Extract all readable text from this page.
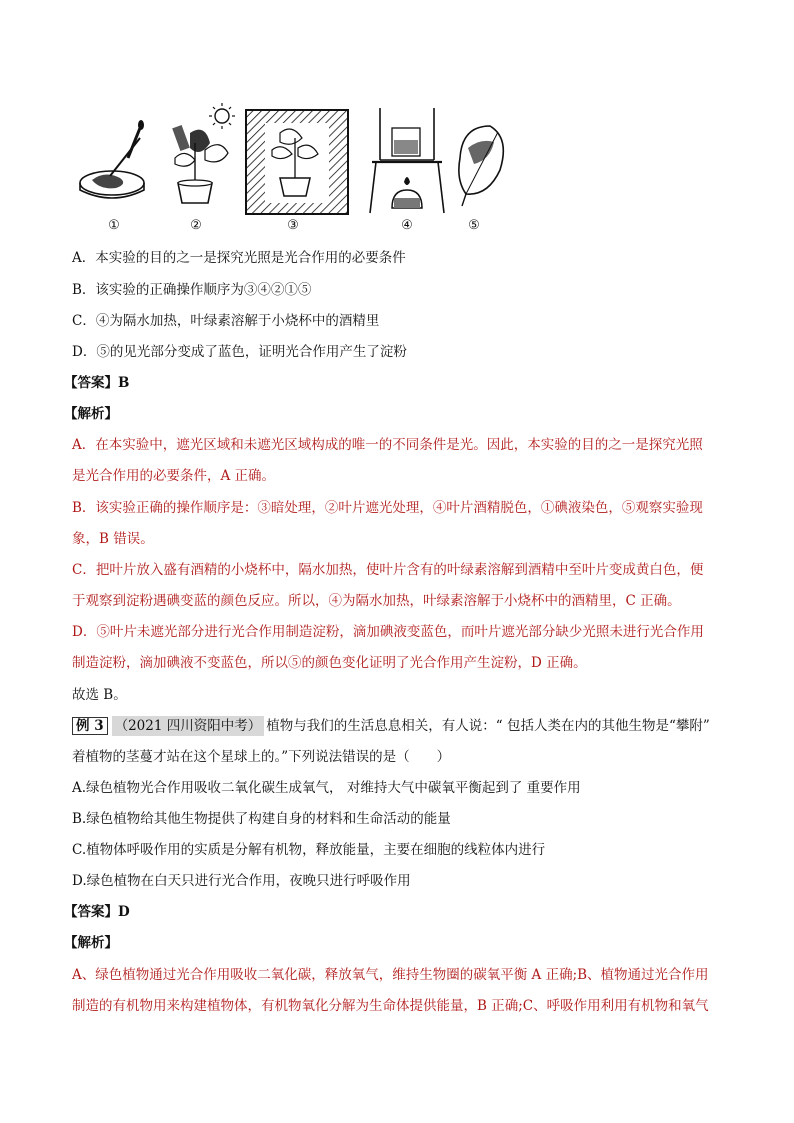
①	②	③	④	⑤
A．本实验的目的之一是探究光照是光合作用的必要条件
B．该实验的正确操作顺序为③④②①⑤
C．④为隔水加热，叶绿素溶解于小烧杯中的酒精里
D．⑤的见光部分变成了蓝色，证明光合作用产生了淀粉
【答案】B
【解析】
A．在本实验中，遮光区域和未遮光区域构成的唯一的不同条件是光。因此，本实验的目的之一是探究光照
是光合作用的必要条件，A 正确。
B．该实验正确的操作顺序是：③暗处理，②叶片遮光处理，④叶片酒精脱色，①碘液染色，⑤观察实验现
象，B 错误。
C．把叶片放入盛有酒精的小烧杯中，隔水加热，使叶片含有的叶绿素溶解到酒精中至叶片变成黄白色，便
于观察到淀粉遇碘变蓝的颜色反应。所以，④为隔水加热，叶绿素溶解于小烧杯中的酒精里，C 正确。
D．⑤叶片未遮光部分进行光合作用制造淀粉，滴加碘液变蓝色，而叶片遮光部分缺少光照未进行光合作用
制造淀粉，滴加碘液不变蓝色，所以⑤的颜色变化证明了光合作用产生淀粉，D 正确。
故选 B。
例 3 （2021 四川资阳中考） 植物与我们的生活息息相关，有人说：“ 包括人类在内的其他生物是“攀附”
着植物的茎蔓才站在这个星球上的。”下列说法错误的是（　　）
A.绿色植物光合作用吸收二氧化碳生成氧气， 对维持大气中碳氧平衡起到了 重要作用
B.绿色植物给其他生物提供了构建自身的材料和生命活动的能量
C.植物体呼吸作用的实质是分解有机物，释放能量，主要在细胞的线粒体内进行
D.绿色植物在白天只进行光合作用，夜晚只进行呼吸作用
【答案】D
【解析】
A、绿色植物通过光合作用吸收二氧化碳，释放氧气，维持生物圈的碳氧平衡 A 正确;B、植物通过光合作用
制造的有机物用来构建植物体，有机物氧化分解为生命体提供能量，B 正确;C、呼吸作用利用有机物和氧气
